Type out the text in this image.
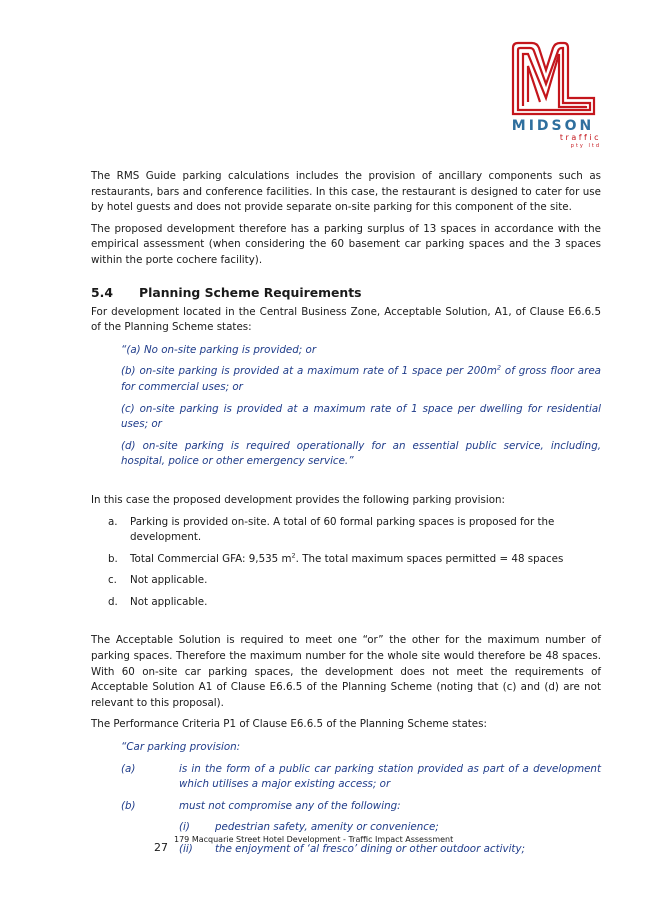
MIDSON
traffic
pty ltd

The RMS Guide parking calculations includes the provision of ancillary components such as restaurants, bars and conference facilities. In this case, the restaurant is designed to cater for use by hotel guests and does not provide separate on-site parking for this component of the site.

The proposed development therefore has a parking surplus of 13 spaces in accordance with the empirical assessment (when considering the 60 basement car parking spaces and the 3 spaces within the porte cochere facility).

5.4 Planning Scheme Requirements

For development located in the Central Business Zone, Acceptable Solution, A1, of Clause E6.6.5 of the Planning Scheme states:

“(a) No on-site parking is provided; or

(b) on-site parking is provided at a maximum rate of 1 space per $200m^2$ of gross floor area for commercial uses; or

(c) on-site parking is provided at a maximum rate of 1 space per dwelling for residential uses; or

(d) on-site parking is required operationally for an essential public service, including, hospital, police or other emergency service.”

In this case the proposed development provides the following parking provision:

a.	Parking is provided on-site. A total of 60 formal parking spaces is proposed for the development.
b.	Total Commercial GFA: 9,535 $m^2$. The total maximum spaces permitted = 48 spaces
c.	Not applicable.
d.	Not applicable.

The Acceptable Solution is required to meet one “or” the other for the maximum number of parking spaces. Therefore the maximum number for the whole site would therefore be 48 spaces. With 60 on-site car parking spaces, the development does not meet the requirements of Acceptable Solution A1 of Clause E6.6.5 of the Planning Scheme (noting that (c) and (d) are not relevant to this proposal).

The Performance Criteria P1 of Clause E6.6.5 of the Planning Scheme states:

“Car parking provision:

(a)	is in the form of a public car parking station provided as part of a development which utilises a major existing access; or
(b)	must not compromise any of the following:
(i)	pedestrian safety, amenity or convenience;
(ii)	the enjoyment of ‘al fresco’ dining or other outdoor activity;
27
179 Macquarie Street Hotel Development - Traffic Impact Assessment
